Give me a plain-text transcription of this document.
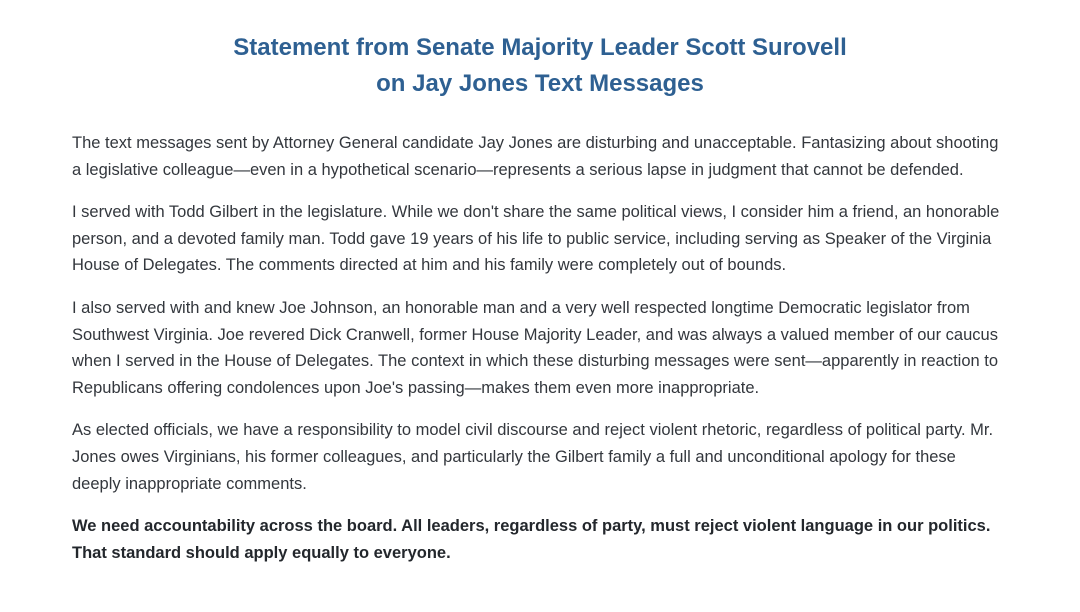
Statement from Senate Majority Leader Scott Surovell
on Jay Jones Text Messages

The text messages sent by Attorney General candidate Jay Jones are disturbing and unacceptable. Fantasizing about shooting a legislative colleague—even in a hypothetical scenario—represents a serious lapse in judgment that cannot be defended.

I served with Todd Gilbert in the legislature. While we don't share the same political views, I consider him a friend, an honorable person, and a devoted family man. Todd gave 19 years of his life to public service, including serving as Speaker of the Virginia House of Delegates. The comments directed at him and his family were completely out of bounds.

I also served with and knew Joe Johnson, an honorable man and a very well respected longtime Democratic legislator from Southwest Virginia. Joe revered Dick Cranwell, former House Majority Leader, and was always a valued member of our caucus when I served in the House of Delegates. The context in which these disturbing messages were sent—apparently in reaction to Republicans offering condolences upon Joe's passing—makes them even more inappropriate.

As elected officials, we have a responsibility to model civil discourse and reject violent rhetoric, regardless of political party. Mr. Jones owes Virginians, his former colleagues, and particularly the Gilbert family a full and unconditional apology for these deeply inappropriate comments.

We need accountability across the board. All leaders, regardless of party, must reject violent language in our politics. That standard should apply equally to everyone.
